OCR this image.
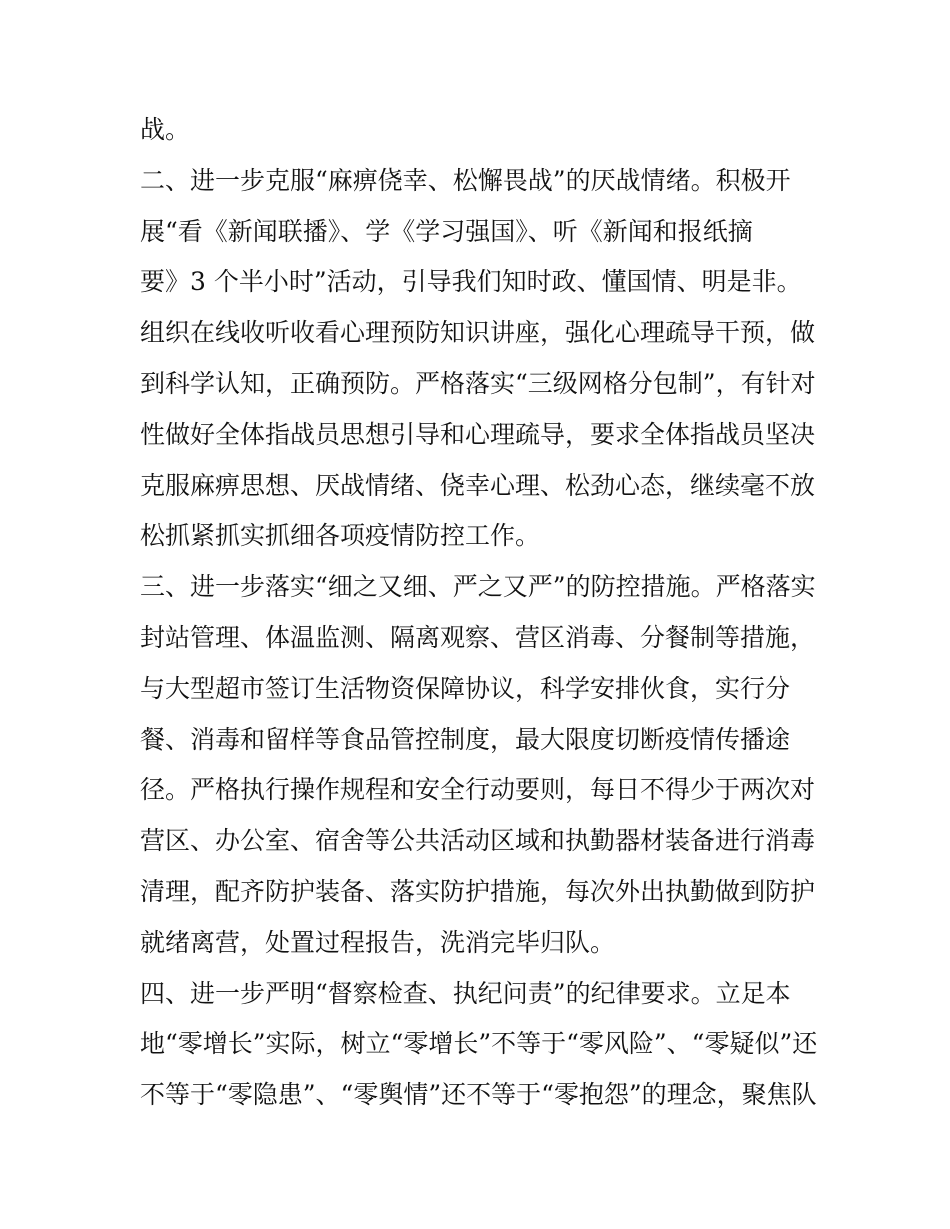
战。
二、进一步克服“麻痹侥幸、松懈畏战”的厌战情绪。积极开
展“看《新闻联播》、学《学习强国》、听《新闻和报纸摘
要》3 个半小时”活动，引导我们知时政、懂国情、明是非。
组织在线收听收看心理预防知识讲座，强化心理疏导干预，做
到科学认知，正确预防。严格落实“三级网格分包制”，有针对
性做好全体指战员思想引导和心理疏导，要求全体指战员坚决
克服麻痹思想、厌战情绪、侥幸心理、松劲心态，继续毫不放
松抓紧抓实抓细各项疫情防控工作。
三、进一步落实“细之又细、严之又严”的防控措施。严格落实
封站管理、体温监测、隔离观察、营区消毒、分餐制等措施，
与大型超市签订生活物资保障协议，科学安排伙食，实行分
餐、消毒和留样等食品管控制度，最大限度切断疫情传播途
径。严格执行操作规程和安全行动要则，每日不得少于两次对
营区、办公室、宿舍等公共活动区域和执勤器材装备进行消毒
清理，配齐防护装备、落实防护措施，每次外出执勤做到防护
就绪离营，处置过程报告，洗消完毕归队。
四、进一步严明“督察检查、执纪问责”的纪律要求。立足本
地“零增长”实际，树立“零增长”不等于“零风险”、“零疑似”还
不等于“零隐患”、“零舆情”还不等于“零抱怨”的理念，聚焦队
